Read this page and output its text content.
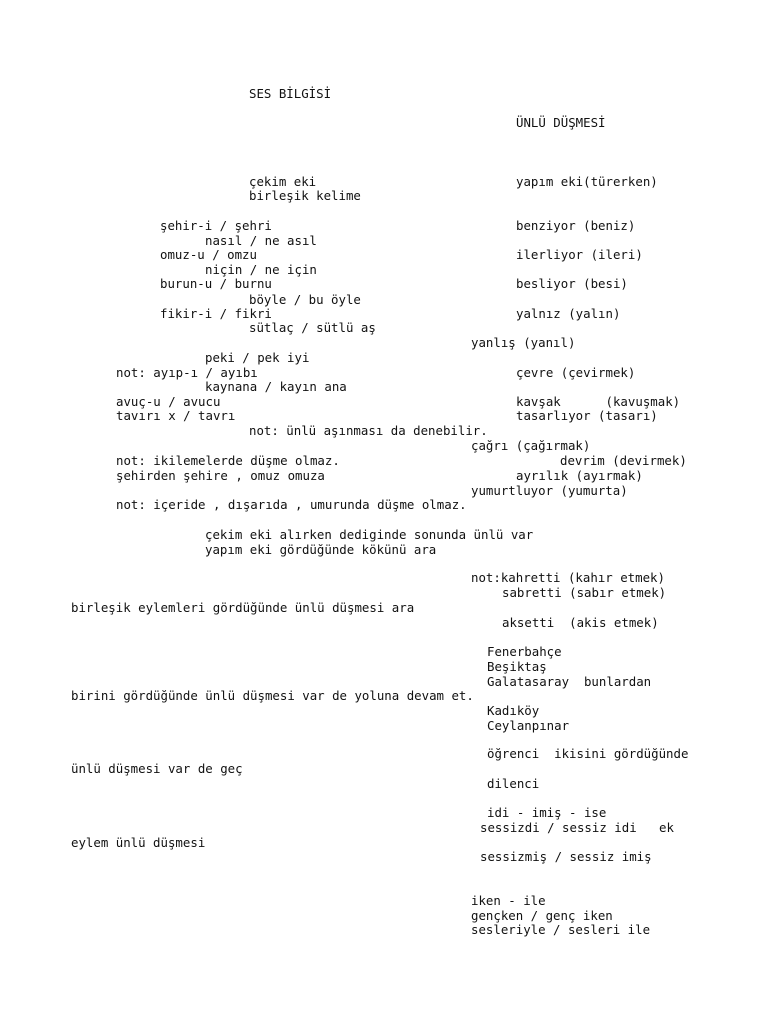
SES BİLGİSİ
ÜNLÜ DÜŞMESİ
çekim eki	yapım eki(türerken)
birleşik kelime
şehir-i / şehri	benziyor (beniz)
nasıl / ne asıl
omuz-u / omzu	ilerliyor (ileri)
niçin / ne için
burun-u / burnu	besliyor (besi)
böyle / bu öyle
fikir-i / fikri	yalnız (yalın)
sütlaç / sütlü aş
yanlış (yanıl)
peki / pek iyi
not: ayıp-ı / ayıbı	çevre (çevirmek)
kaynana / kayın ana
avuç-u / avucu	kavşak      (kavuşmak)
tavırı x / tavrı	tasarlıyor (tasarı)
not: ünlü aşınması da denebilir.
çağrı (çağırmak)
devrim (devirmek)
not: ikilemelerde düşme olmaz.
şehirden şehire , omuz omuza	ayrılık (ayırmak)
yumurtluyor (yumurta)
not: içeride , dışarıda , umurunda düşme olmaz.
çekim eki alırken dediginde sonunda ünlü var
yapım eki gördüğünde kökünü ara
not:kahretti (kahır etmek)
sabretti (sabır etmek)
birleşik eylemleri gördüğünde ünlü düşmesi ara
aksetti  (akis etmek)
Fenerbahçe
Beşiktaş
Galatasaray  bunlardan
birini gördüğünde ünlü düşmesi var de yoluna devam et.
Kadıköy
Ceylanpınar
öğrenci  ikisini gördüğünde
ünlü düşmesi var de geç
dilenci
idi - imiş - ise
sessizdi / sessiz idi   ek
eylem ünlü düşmesi
sessizmiş / sessiz imiş
iken - ile
gençken / genç iken
sesleriyle / sesleri ile
